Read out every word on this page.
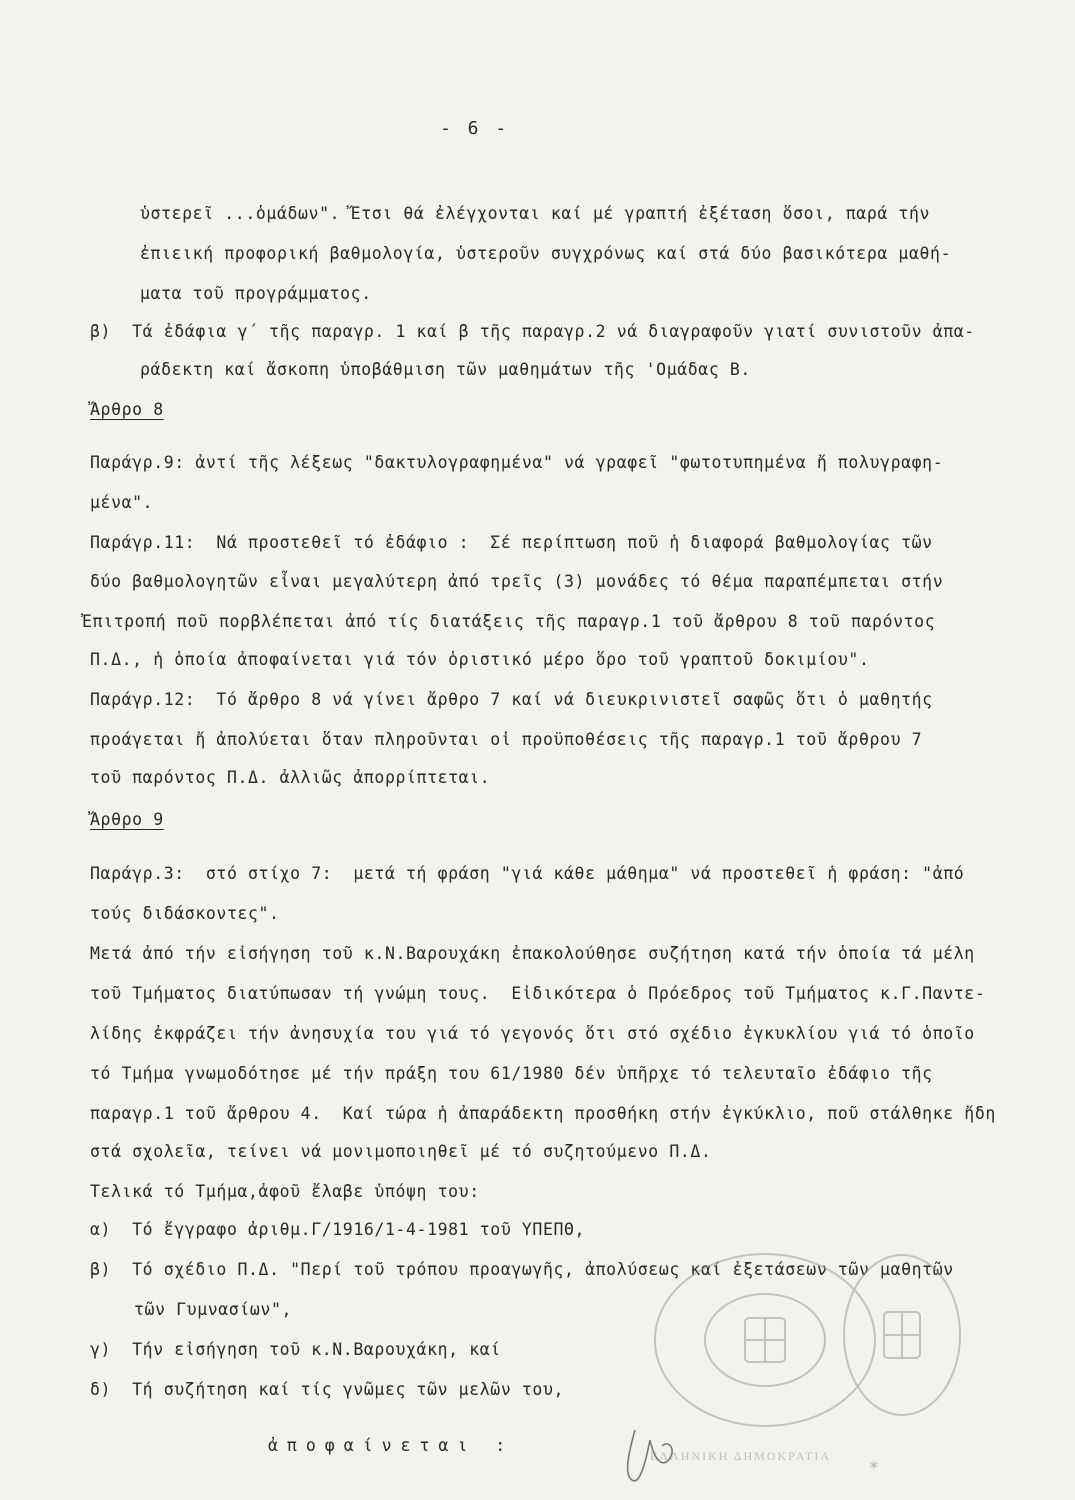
- 6 -
ὑστερεῖ ...ὁμάδων". Ἔτσι θά ἐλέγχονται καί μέ γραπτή ἐξέταση ὅσοι, παρά τήν
ἐπιεική προφορική βαθμολογία, ὑστεροῦν συγχρόνως καί στά δύο βασικότερα μαθή-
ματα τοῦ προγράμματος.
β)  Τά ἐδάφια γ΄ τῆς παραγρ. 1 καί β τῆς παραγρ.2 νά διαγραφοῦν γιατί συνιστοῦν ἀπα-
ράδεκτη καί ἄσκοπη ὑποβάθμιση τῶν μαθημάτων τῆς 'Ομάδας Β.
Ἄρθρο 8
Παράγρ.9: ἀντί τῆς λέξεως "δακτυλογραφημένα" νά γραφεῖ "φωτοτυπημένα ἤ πολυγραφη-
μένα".
Παράγρ.11:  Νά προστεθεῖ τό ἐδάφιο :  Σέ περίπτωση ποῦ ἡ διαφορά βαθμολογίας τῶν
δύο βαθμολογητῶν εἶναι μεγαλύτερη ἀπό τρεῖς (3) μονάδες τό θέμα παραπέμπεται στήν
Ἐπιτροπή ποῦ πορβλέπεται ἀπό τίς διατάξεις τῆς παραγρ.1 τοῦ ἄρθρου 8 τοῦ παρόντος
Π.Δ., ἡ ὁποία ἀποφαίνεται γιά τόν ὁριστικό μέρο ὅρο τοῦ γραπτοῦ δοκιμίου".
Παράγρ.12:  Τό ἄρθρο 8 νά γίνει ἄρθρο 7 καί νά διευκρινιστεῖ σαφῶς ὅτι ὁ μαθητής
προάγεται ἤ ἀπολύεται ὅταν πληροῦνται οἱ προϋποθέσεις τῆς παραγρ.1 τοῦ ἄρθρου 7
τοῦ παρόντος Π.Δ. ἀλλιῶς ἀπορρίπτεται.
Ἄρθρο 9
Παράγρ.3:  στό στίχο 7:  μετά τή φράση "γιά κάθε μάθημα" νά προστεθεῖ ἡ φράση: "ἀπό
τούς διδάσκοντες".
Μετά ἀπό τήν εἰσήγηση τοῦ κ.Ν.Βαρουχάκη ἐπακολούθησε συζήτηση κατά τήν ὁποία τά μέλη
τοῦ Τμήματος διατύπωσαν τή γνώμη τους.  Εἰδικότερα ὁ Πρόεδρος τοῦ Τμήματος κ.Γ.Παντε-
λίδης ἐκφράζει τήν ἀνησυχία του γιά τό γεγονός ὅτι στό σχέδιο ἐγκυκλίου γιά τό ὁποῖο
τό Τμήμα γνωμοδότησε μέ τήν πράξη του 61/1980 δέν ὑπῆρχε τό τελευταῖο ἐδάφιο τῆς
παραγρ.1 τοῦ ἄρθρου 4.  Καί τώρα ἡ ἀπαράδεκτη προσθήκη στήν ἐγκύκλιο, ποῦ στάλθηκε ἤδη
στά σχολεῖα, τείνει νά μονιμοποιηθεῖ μέ τό συζητούμενο Π.Δ.
Τελικά τό Τμήμα,ἀφοῦ ἔλαβε ὑπόψη του:
α)  Τό ἔγγραφο ἀριθμ.Γ/1916/1-4-1981 τοῦ ΥΠΕΠΘ,
β)  Τό σχέδιο Π.Δ. "Περί τοῦ τρόπου προαγωγῆς, ἀπολύσεως καί ἐξετάσεων τῶν μαθητῶν
τῶν Γυμνασίων",
γ)  Τήν εἰσήγηση τοῦ κ.Ν.Βαρουχάκη, καί
δ)  Τή συζήτηση καί τίς γνῶμες τῶν μελῶν του,
ἀποφαίνεται :
ΕΛΛΗΝΙΚΗ ΔΗΜΟΚΡΑΤΙΑ
✶
